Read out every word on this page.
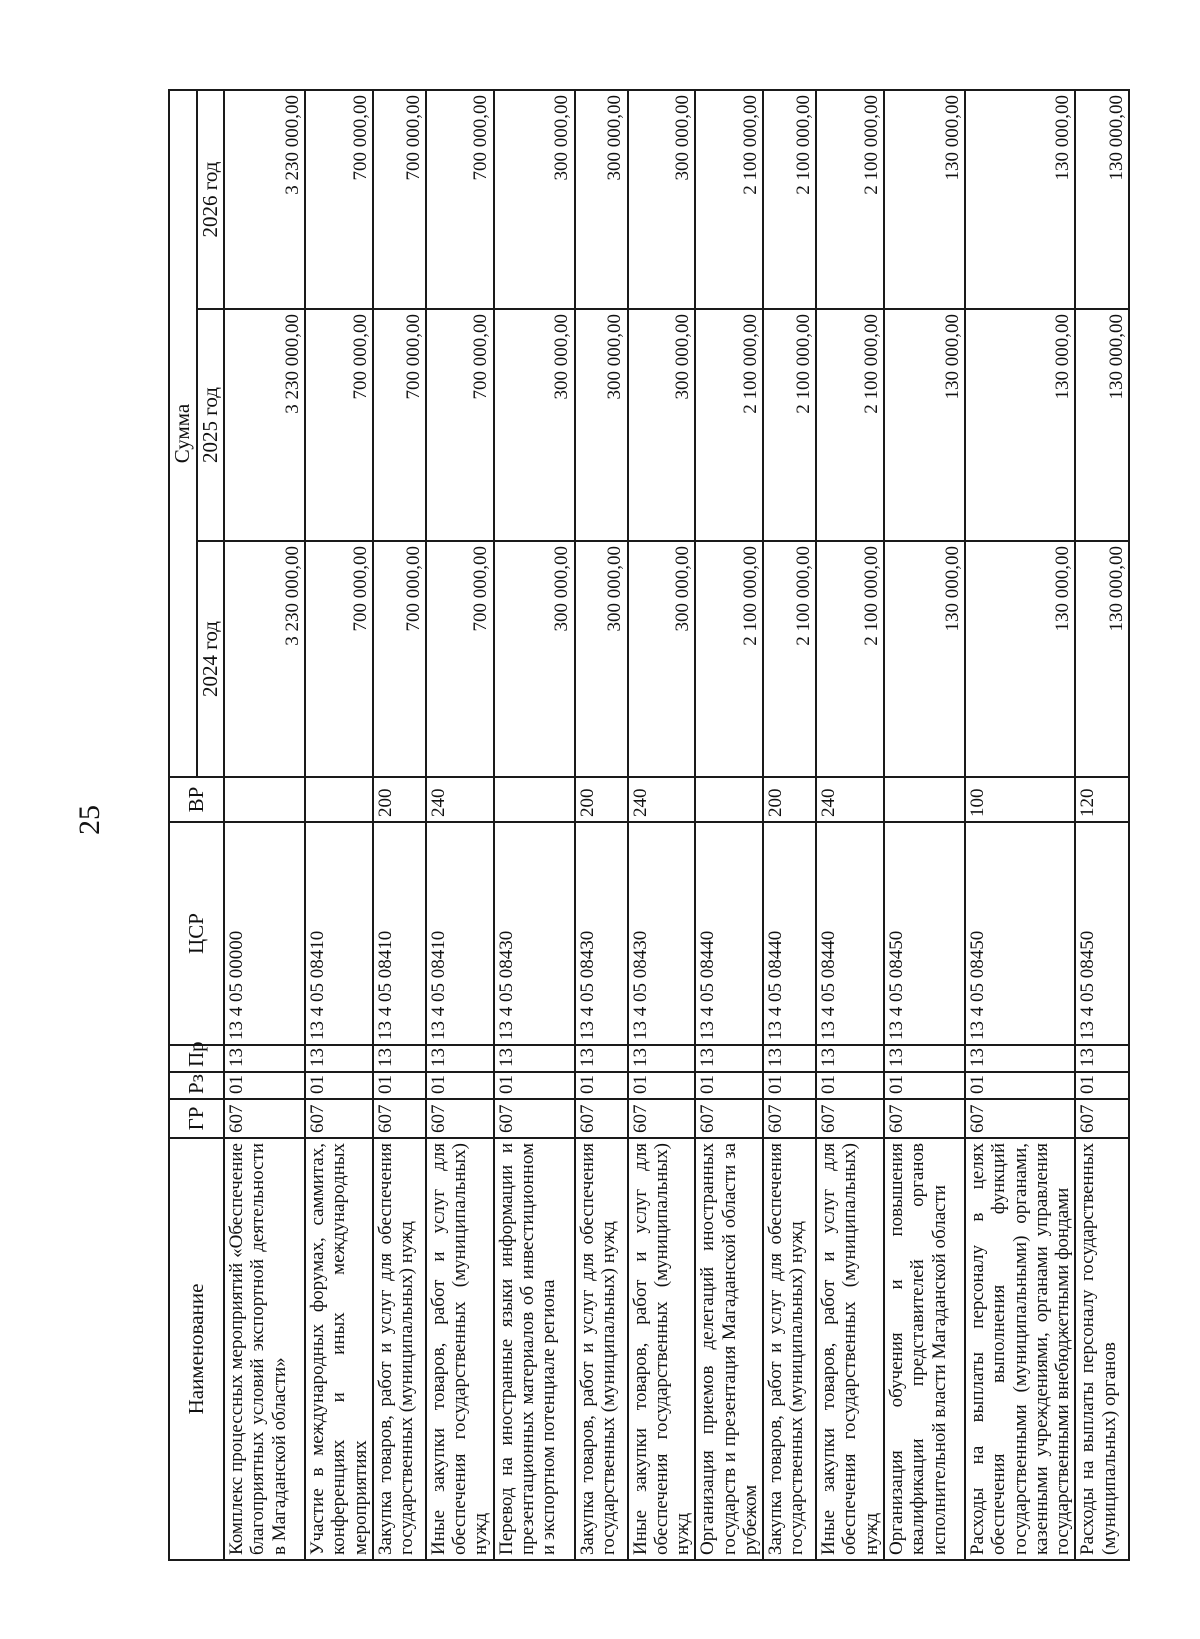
25
Наименование	ГР	Рз	Пр	ЦСР	ВР	Сумма		
						2024 год	2025 год	2026 год
Комплекс процессных мероприятий «Обеспечение благоприятных условий экспортной деятельности в Магаданской области»	607	01	13	13 4 05 00000		3 230 000,00	3 230 000,00	3 230 000,00
Участие в международных форумах, саммитах, конференциях и иных международных мероприятиях	607	01	13	13 4 05 08410		700 000,00	700 000,00	700 000,00
Закупка товаров, работ и услуг для обеспечения государственных (муниципальных) нужд	607	01	13	13 4 05 08410	200	700 000,00	700 000,00	700 000,00
Иные закупки товаров, работ и услуг для обеспечения государственных (муниципальных) нужд	607	01	13	13 4 05 08410	240	700 000,00	700 000,00	700 000,00
Перевод на иностранные языки информации и презентационных материалов об инвестиционном и экспортном потенциале региона	607	01	13	13 4 05 08430		300 000,00	300 000,00	300 000,00
Закупка товаров, работ и услуг для обеспечения государственных (муниципальных) нужд	607	01	13	13 4 05 08430	200	300 000,00	300 000,00	300 000,00
Иные закупки товаров, работ и услуг для обеспечения государственных (муниципальных) нужд	607	01	13	13 4 05 08430	240	300 000,00	300 000,00	300 000,00
Организация приемов делегаций иностранных государств и презентация Магаданской области за рубежом	607	01	13	13 4 05 08440		2 100 000,00	2 100 000,00	2 100 000,00
Закупка товаров, работ и услуг для обеспечения государственных (муниципальных) нужд	607	01	13	13 4 05 08440	200	2 100 000,00	2 100 000,00	2 100 000,00
Иные закупки товаров, работ и услуг для обеспечения государственных (муниципальных) нужд	607	01	13	13 4 05 08440	240	2 100 000,00	2 100 000,00	2 100 000,00
Организация обучения и повышения квалификации представителей органов исполнительной власти Магаданской области	607	01	13	13 4 05 08450		130 000,00	130 000,00	130 000,00
Расходы на выплаты персоналу в целях обеспечения выполнения функций государственными (муниципальными) органами, казенными учреждениями, органами управления государственными внебюджетными фондами	607	01	13	13 4 05 08450	100	130 000,00	130 000,00	130 000,00
Расходы на выплаты персоналу государственных (муниципальных) органов	607	01	13	13 4 05 08450	120	130 000,00	130 000,00	130 000,00
